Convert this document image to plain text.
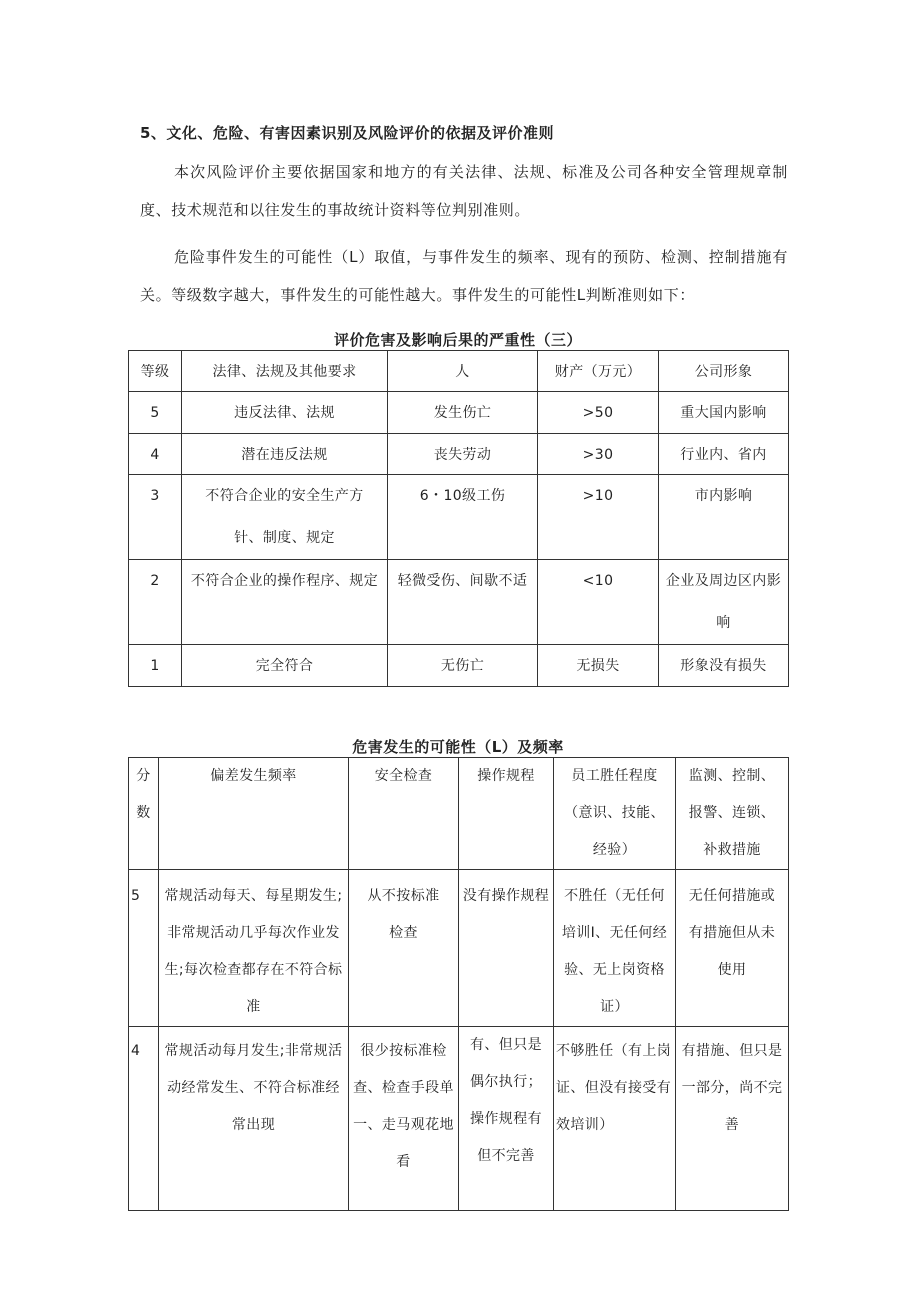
5、文化、危险、有害因素识别及风险评价的依据及评价准则
本次风险评价主要依据国家和地方的有关法律、法规、标准及公司各种安全管理规章制度、技术规范和以往发生的事故统计资料等位判别准则。
危险事件发生的可能性（L）取值，与事件发生的频率、现有的预防、检测、控制措施有关。等级数字越大，事件发生的可能性越大。事件发生的可能性L判断准则如下：
评价危害及影响后果的严重性（三）
等级	法律、法规及其他要求	人	财产（万元）	公司形象
5	违反法律、法规	发生伤亡	>50	重大国内影响
4	潜在违反法规	丧失劳动	>30	行业内、省内
3	不符合企业的安全生产方针、制度、规定	6・10级工伤	>10	市内影响
2	不符合企业的操作程序、规定	轻微受伤、间歇不适	<10	企业及周边区内影响
1	完全符合	无伤亡	无损失	形象没有损失
危害发生的可能性（L）及频率
分数	偏差发生频率	安全检查	操作规程	员工胜任程度（意识、技能、经验）	监测、控制、报警、连锁、补救措施
5	常规活动每天、每星期发生;非常规活动几乎每次作业发生;每次检查都存在不符合标准	从不按标准检查	没有操作规程	不胜任（无任何培训I、无任何经验、无上岗资格证）	无任何措施或有措施但从未使用
4	常规活动每月发生;非常规活动经常发生、不符合标准经常出现	很少按标准检查、检查手段单一、走马观花地看	有、但只是偶尔执行；操作规程有但不完善	不够胜任（有上岗证、但没有接受有效培训）	有措施、但只是一部分，尚不完善
